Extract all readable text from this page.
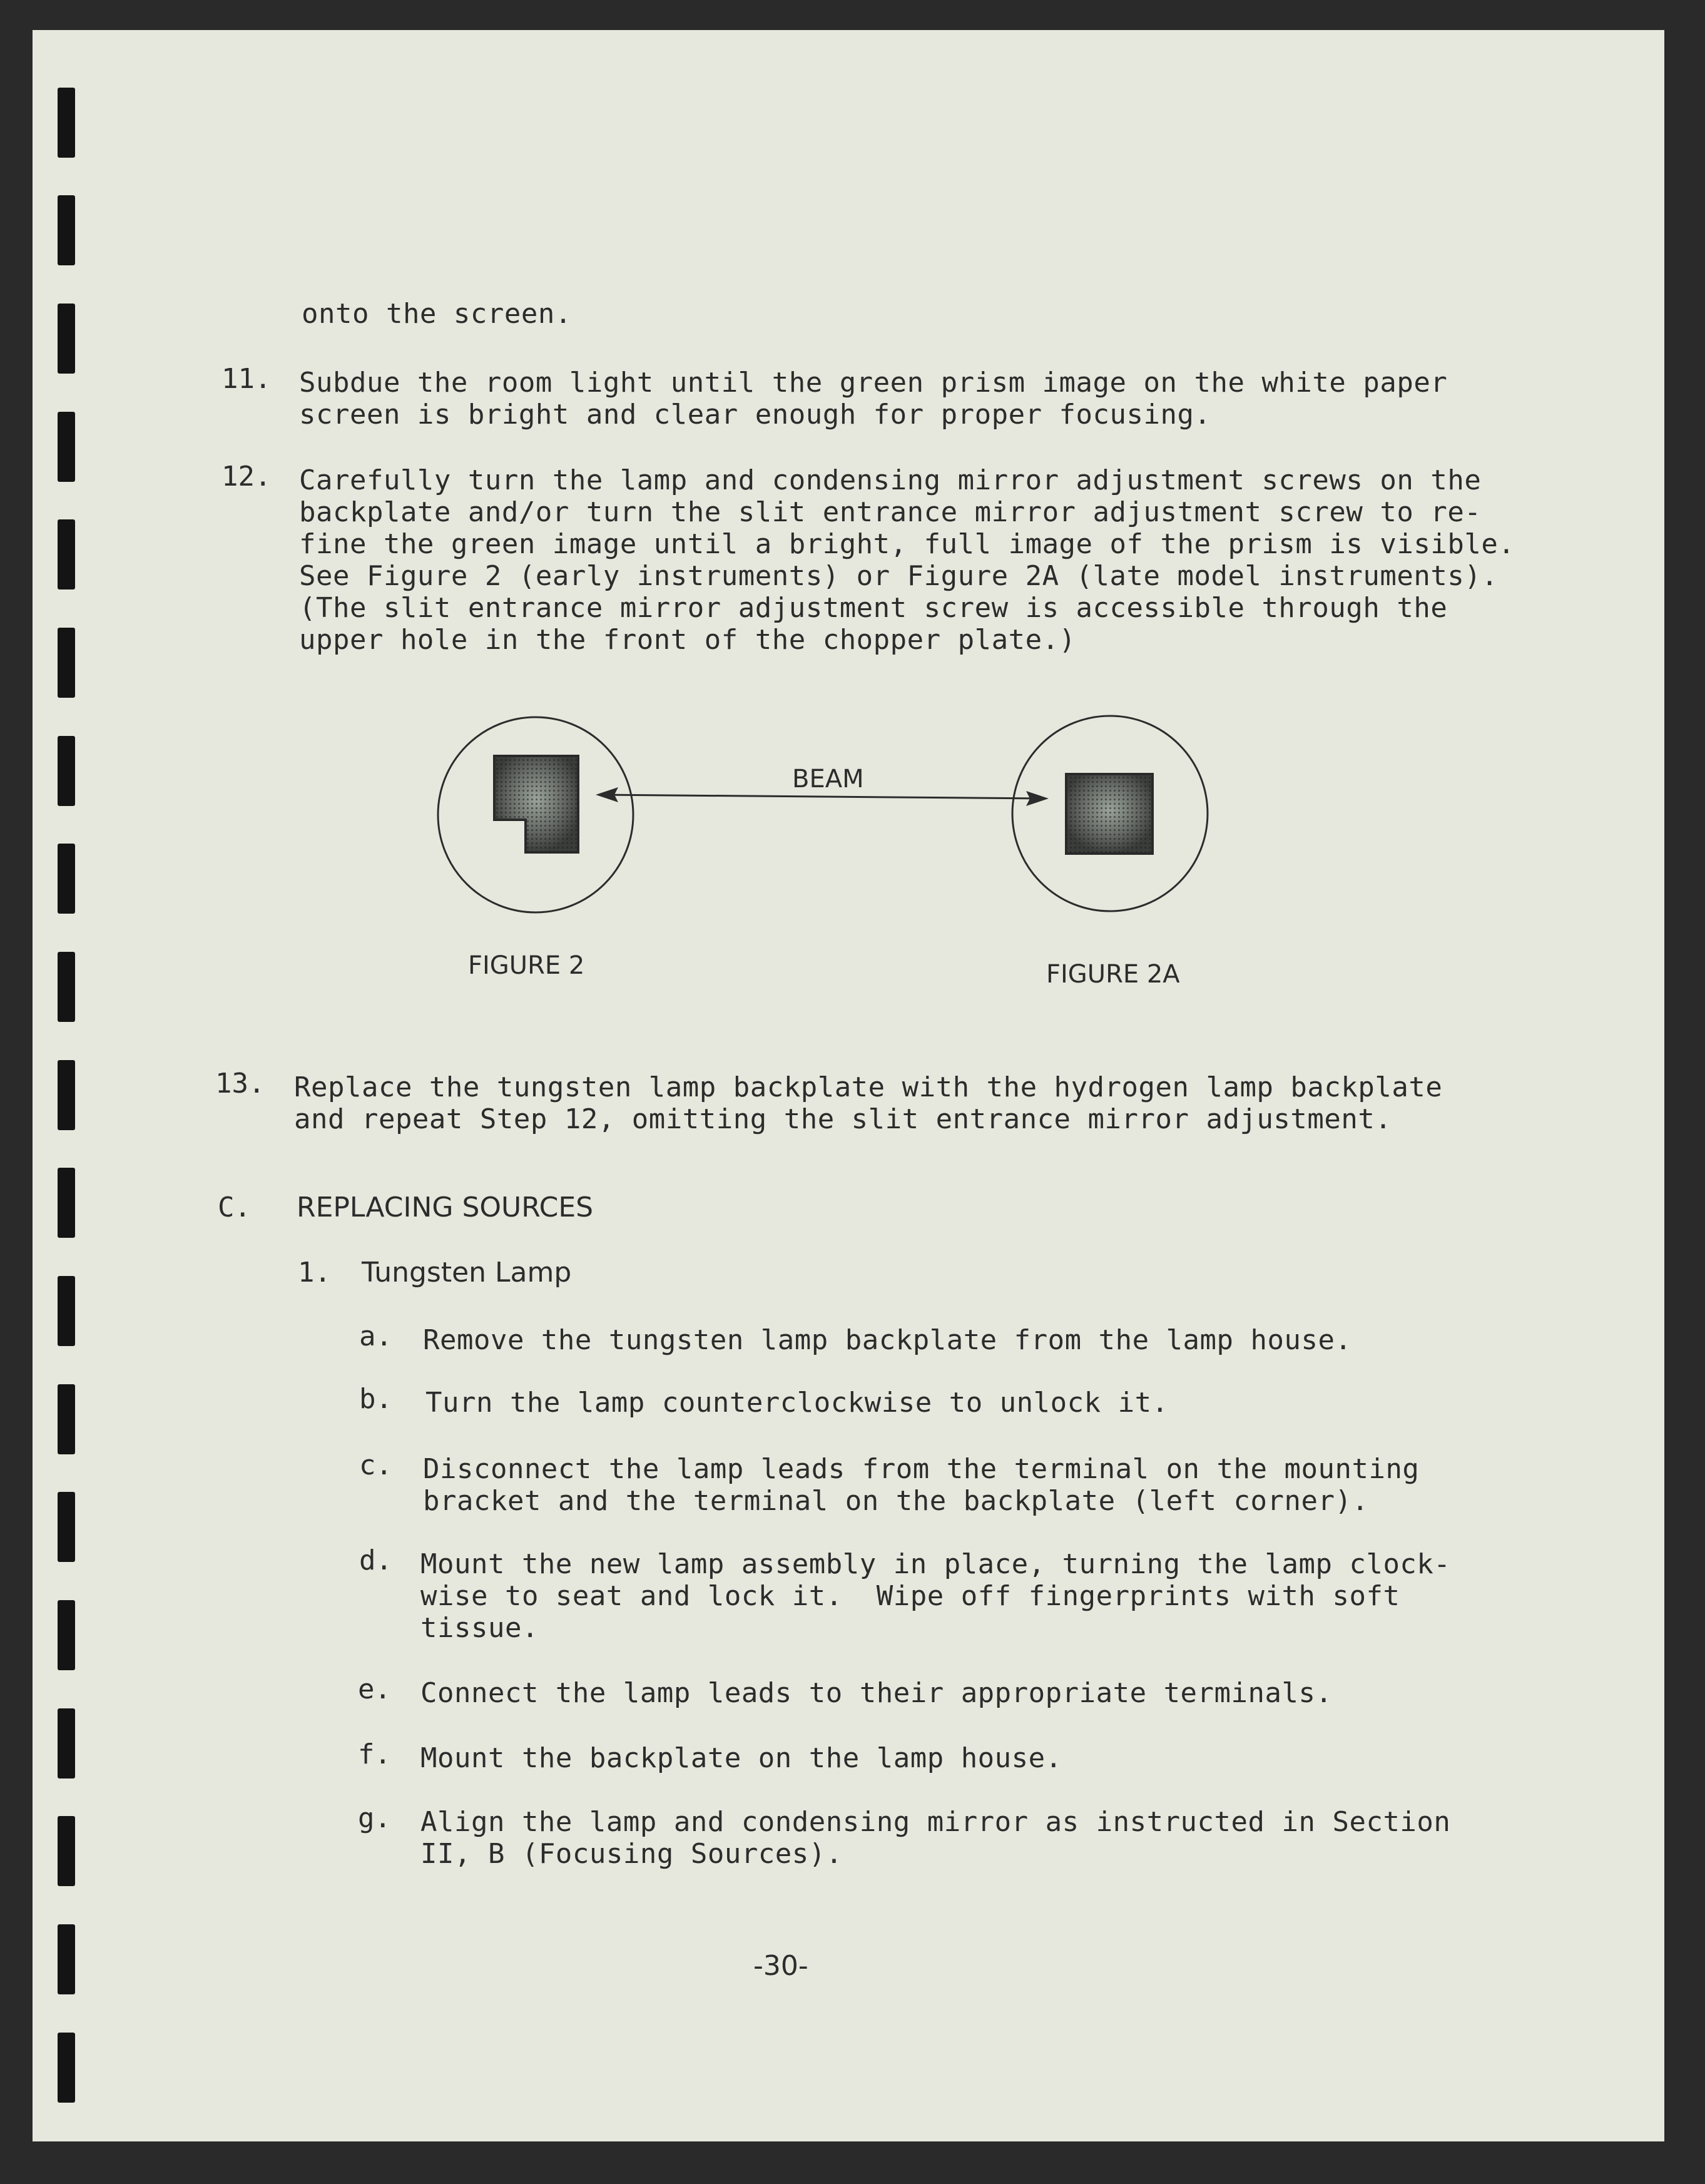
onto the screen.
11. Subdue the room light until the green prism image on the white paper
screen is bright and clear enough for proper focusing.
12. Carefully turn the lamp and condensing mirror adjustment screws on the
backplate and/or turn the slit entrance mirror adjustment screw to re-
fine the green image until a bright, full image of the prism is visible.
See Figure 2 (early instruments) or Figure 2A (late model instruments).
(The slit entrance mirror adjustment screw is accessible through the
upper hole in the front of the chopper plate.)
BEAM
FIGURE 2	FIGURE 2A
13. Replace the tungsten lamp backplate with the hydrogen lamp backplate
and repeat Step 12, omitting the slit entrance mirror adjustment.
C. REPLACING SOURCES
1. Tungsten Lamp
a. Remove the tungsten lamp backplate from the lamp house.
b. Turn the lamp counterclockwise to unlock it.
c. Disconnect the lamp leads from the terminal on the mounting
bracket and the terminal on the backplate (left corner).
d. Mount the new lamp assembly in place, turning the lamp clock-
wise to seat and lock it.  Wipe off fingerprints with soft
tissue.
e. Connect the lamp leads to their appropriate terminals.
f. Mount the backplate on the lamp house.
g. Align the lamp and condensing mirror as instructed in Section
II, B (Focusing Sources).
-30-
